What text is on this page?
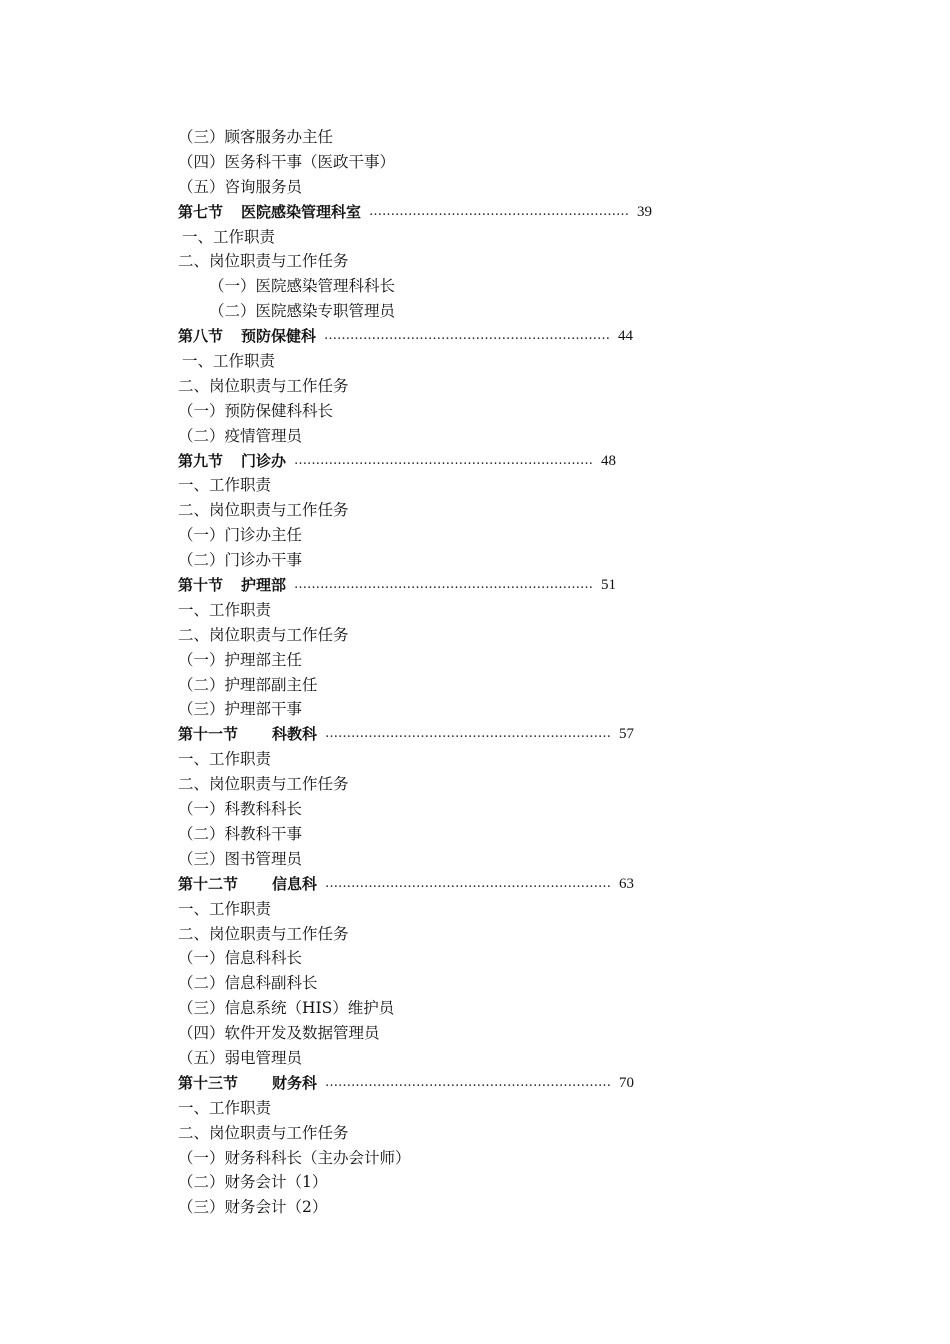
（三）顾客服务办主任
（四）医务科干事（医政干事）
（五）咨询服务员
第七节 医院感染管理科室 …………………………………………………… 39
一、工作职责
二、岗位职责与工作任务
（一）医院感染管理科科长
（二）医院感染专职管理员
第八节 预防保健科 ………………………………………………………… 44
一、工作职责
二、岗位职责与工作任务
（一）预防保健科科长
（二）疫情管理员
第九节 门诊办 …………………………………………………………… 48
一、工作职责
二、岗位职责与工作任务
（一）门诊办主任
（二）门诊办干事
第十节 护理部 …………………………………………………………… 51
一、工作职责
二、岗位职责与工作任务
（一）护理部主任
（二）护理部副主任
（三）护理部干事
第十一节 科教科 ………………………………………………………… 57
一、工作职责
二、岗位职责与工作任务
（一）科教科科长
（二）科教科干事
（三）图书管理员
第十二节 信息科 ………………………………………………………… 63
一、工作职责
二、岗位职责与工作任务
（一）信息科科长
（二）信息科副科长
（三）信息系统（HIS）维护员
（四）软件开发及数据管理员
（五）弱电管理员
第十三节 财务科 ………………………………………………………… 70
一、工作职责
二、岗位职责与工作任务
（一）财务科科长（主办会计师）
（二）财务会计（1）
（三）财务会计（2）
